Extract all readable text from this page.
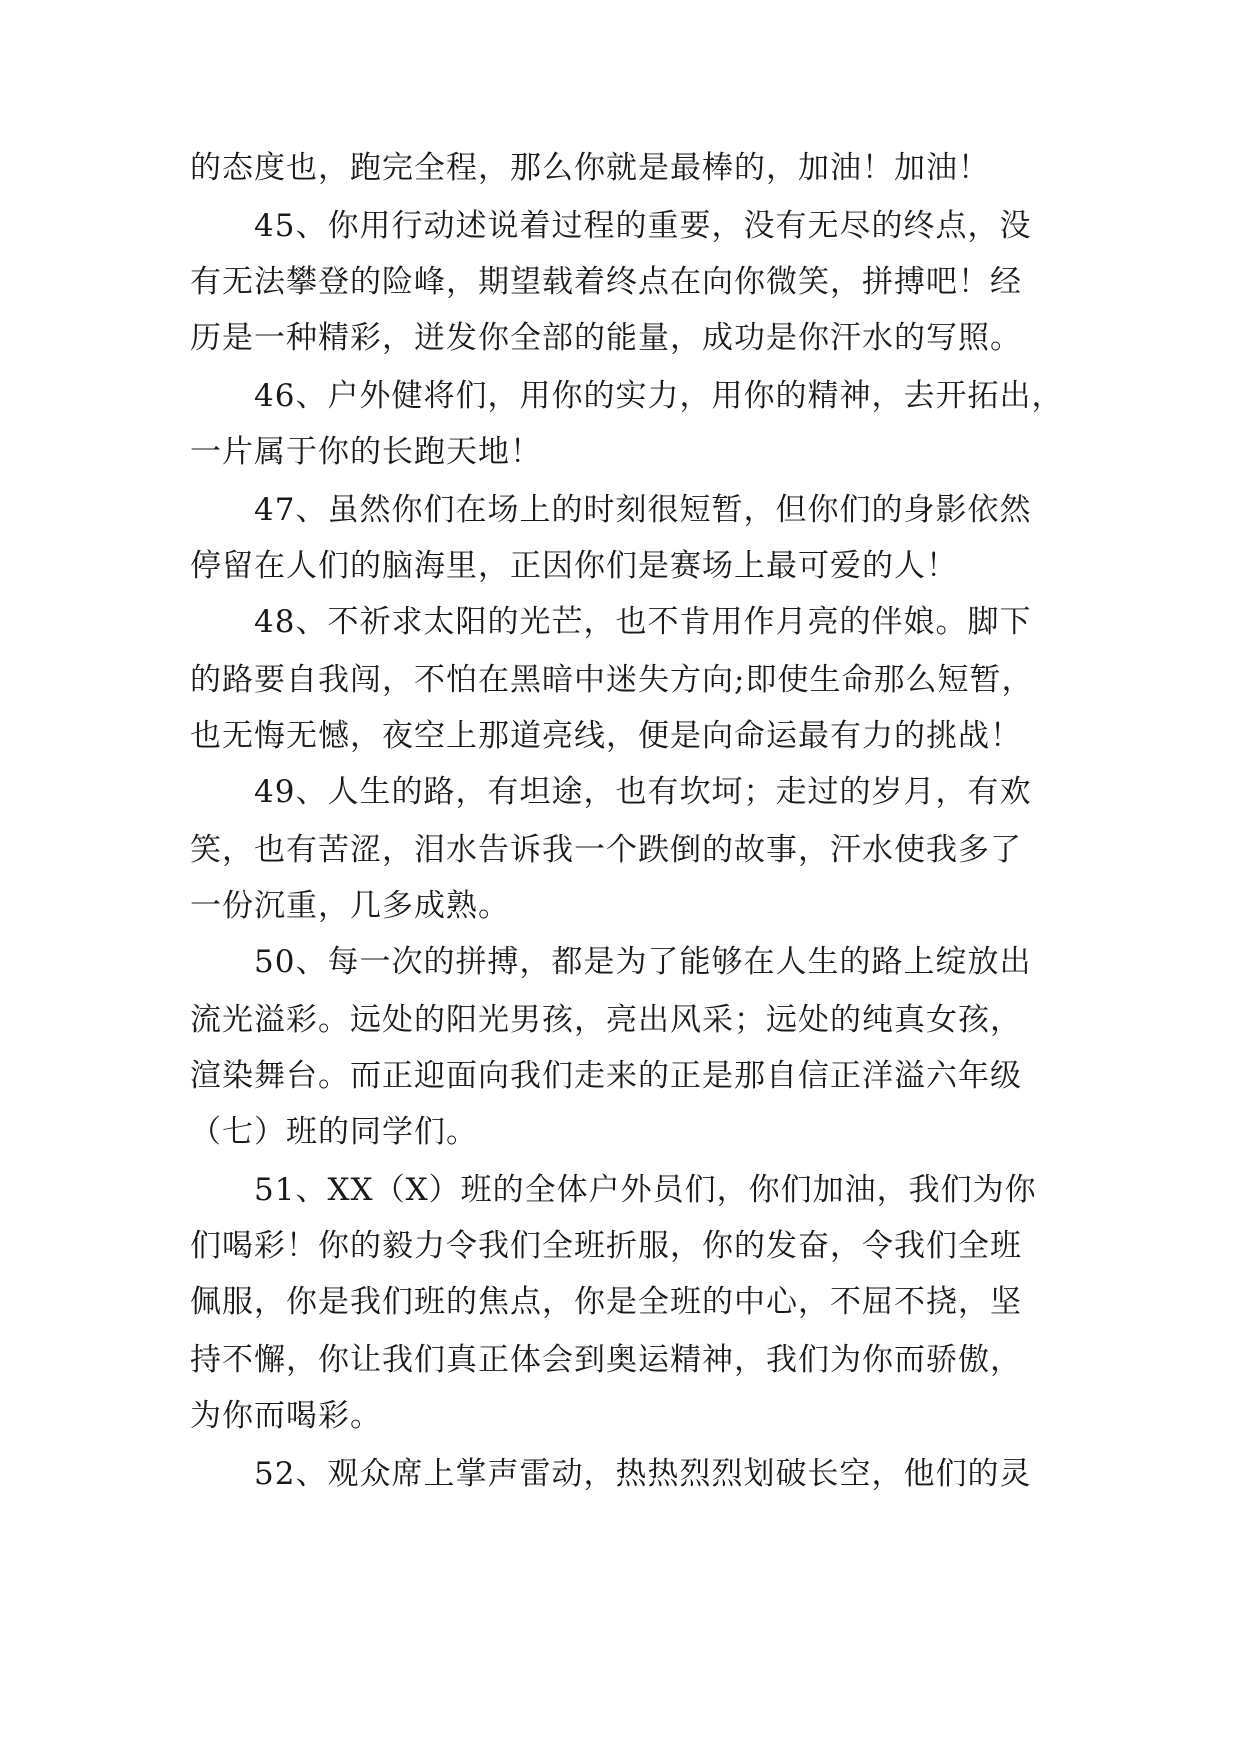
的态度也，跑完全程，那么你就是最棒的，加油！加油！
45、你用行动述说着过程的重要，没有无尽的终点，没
有无法攀登的险峰，期望载着终点在向你微笑，拼搏吧！经
历是一种精彩，迸发你全部的能量，成功是你汗水的写照。
46、户外健将们，用你的实力，用你的精神，去开拓出，
一片属于你的长跑天地！
47、虽然你们在场上的时刻很短暂，但你们的身影依然
停留在人们的脑海里，正因你们是赛场上最可爱的人！
48、不祈求太阳的光芒，也不肯用作月亮的伴娘。脚下
的路要自我闯，不怕在黑暗中迷失方向;即使生命那么短暂，
也无悔无憾，夜空上那道亮线，便是向命运最有力的挑战！
49、人生的路，有坦途，也有坎坷；走过的岁月，有欢
笑，也有苦涩，泪水告诉我一个跌倒的故事，汗水使我多了
一份沉重，几多成熟。
50、每一次的拼搏，都是为了能够在人生的路上绽放出
流光溢彩。远处的阳光男孩，亮出风采；远处的纯真女孩，
渲染舞台。而正迎面向我们走来的正是那自信正洋溢六年级
（七）班的同学们。
51、XX（X）班的全体户外员们，你们加油，我们为你
们喝彩！你的毅力令我们全班折服，你的发奋，令我们全班
佩服，你是我们班的焦点，你是全班的中心，不屈不挠，坚
持不懈，你让我们真正体会到奥运精神，我们为你而骄傲，
为你而喝彩。
52、观众席上掌声雷动，热热烈烈划破长空，他们的灵
